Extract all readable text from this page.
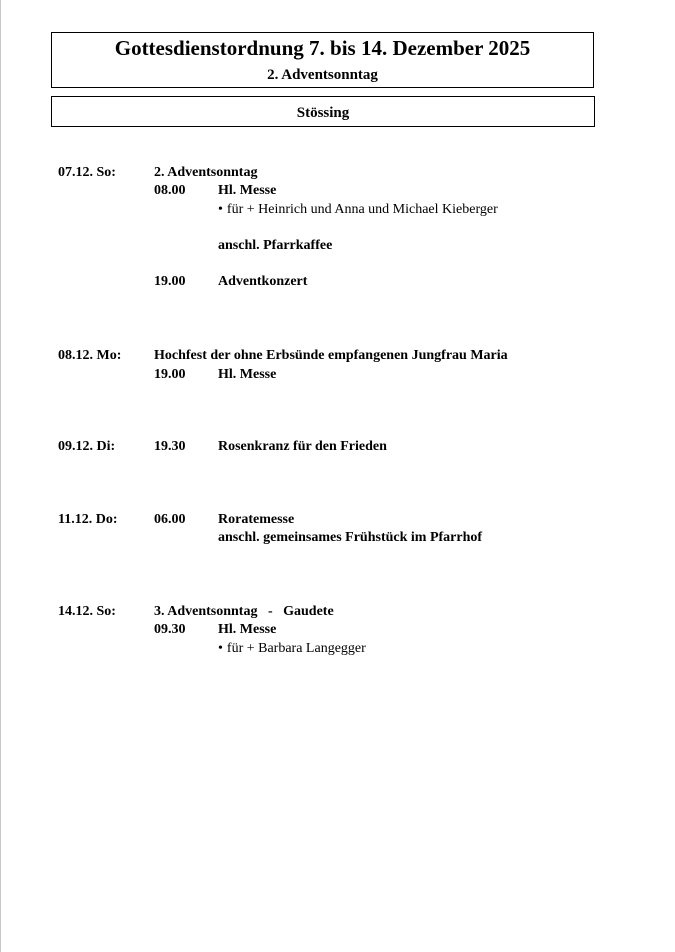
Gottesdienstordnung 7. bis 14. Dezember 2025
2. Adventsonntag
Stössing
07.12. So:	2. Adventsonntag
08.00 Hl. Messe
• für + Heinrich und Anna und Michael Kieberger
anschl. Pfarrkaffee
19.00 Adventkonzert
08.12. Mo: Hochfest der ohne Erbsünde empfangenen Jungfrau Maria
19.00 Hl. Messe
09.12. Di:	19.30 Rosenkranz für den Frieden
11.12. Do:	06.00 Roratemesse
anschl. gemeinsames Frühstück im Pfarrhof
14.12. So:	3. Adventsonntag   -   Gaudete
09.30 Hl. Messe
• für + Barbara Langegger
